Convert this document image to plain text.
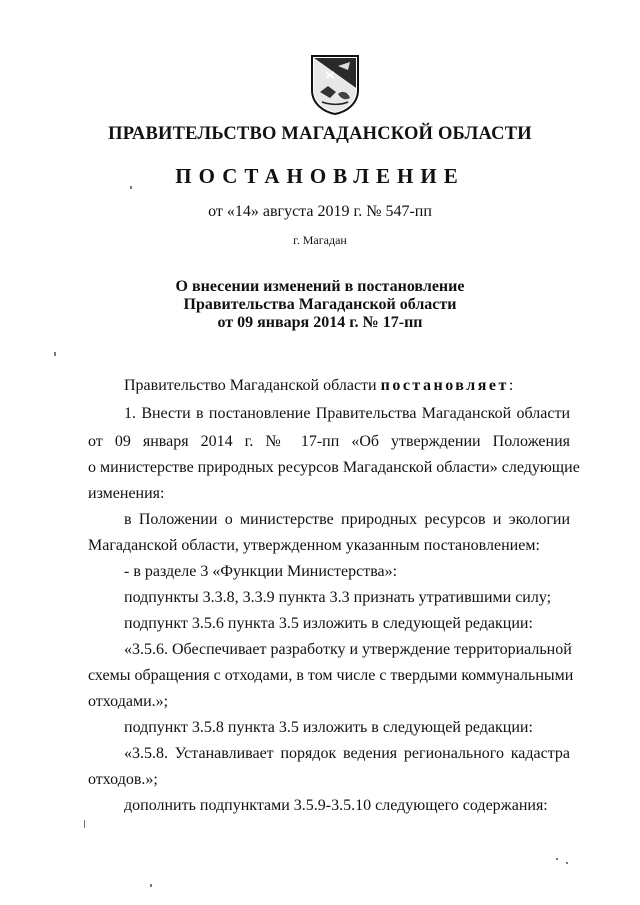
ПРАВИТЕЛЬСТВО МАГАДАНСКОЙ ОБЛАСТИ
ПОСТАНОВЛЕНИЕ
от «14» августа 2019 г. № 547-пп
г. Магадан
О внесении изменений в постановление
Правительства Магаданской области
от 09 января 2014 г. № 17-пп
Правительство Магаданской области постановляет:
1. Внести в постановление Правительства Магаданской области
от 09 января 2014 г. № 17-пп «Об утверждении Положения
о министерстве природных ресурсов Магаданской области» следующие
изменения:
в Положении о министерстве природных ресурсов и экологии
Магаданской области, утвержденном указанным постановлением:
- в разделе 3 «Функции Министерства»:
подпункты 3.3.8, 3.3.9 пункта 3.3 признать утратившими силу;
подпункт 3.5.6 пункта 3.5 изложить в следующей редакции:
«3.5.6. Обеспечивает разработку и утверждение территориальной
схемы обращения с отходами, в том числе с твердыми коммунальными
отходами.»;
подпункт 3.5.8 пункта 3.5 изложить в следующей редакции:
«3.5.8. Устанавливает порядок ведения регионального кадастра
отходов.»;
дополнить подпунктами 3.5.9-3.5.10 следующего содержания:
